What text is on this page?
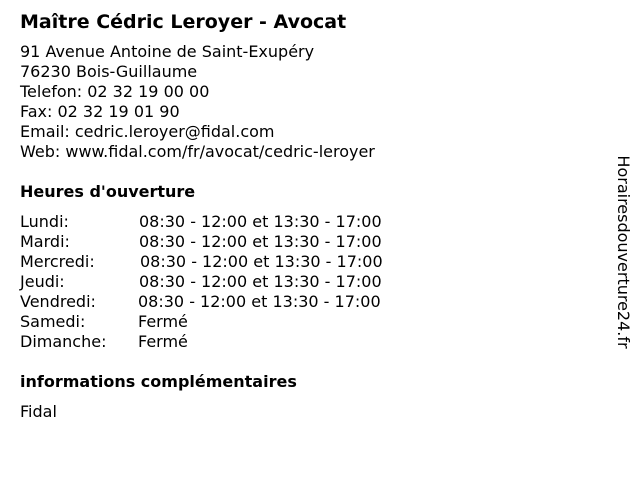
Maître Cédric Leroyer - Avocat
91 Avenue Antoine de Saint-Exupéry
76230 Bois-Guillaume
Telefon: 02 32 19 00 00
Fax: 02 32 19 01 90
Email: cedric.leroyer@fidal.com
Web: www.fidal.com/fr/avocat/cedric-leroyer
Heures d'ouverture
Lundi:	08:30 - 12:00 et 13:30 - 17:00
Mardi:	08:30 - 12:00 et 13:30 - 17:00
Mercredi:	08:30 - 12:00 et 13:30 - 17:00
Jeudi:	08:30 - 12:00 et 13:30 - 17:00
Vendredi:	08:30 - 12:00 et 13:30 - 17:00
Samedi:	Fermé
Dimanche: Fermé
informations complémentaires
Fidal
Horairesdouverture24.fr
